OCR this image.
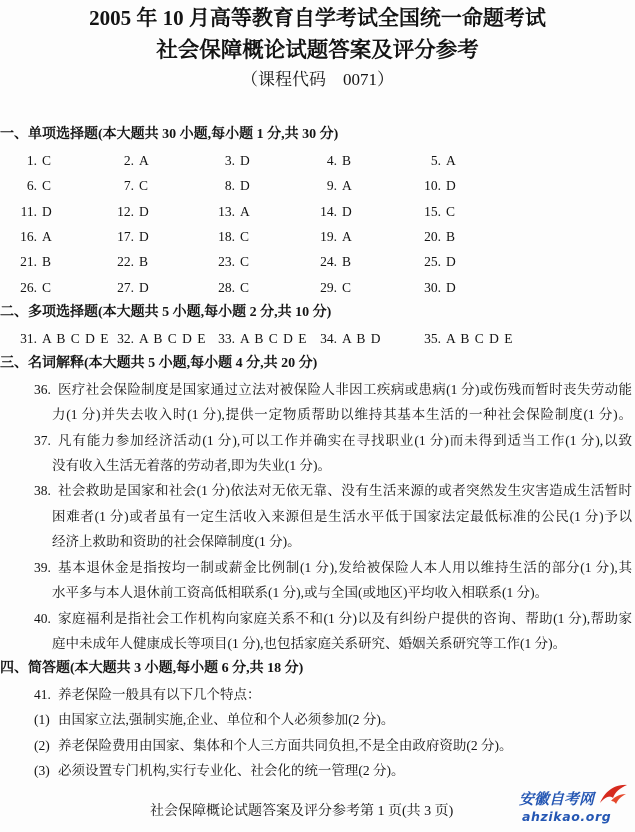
2005 年 10 月高等教育自学考试全国统一命题考试
社会保障概论试题答案及评分参考
（课程代码　0071）
一、单项选择题(本大题共 30 小题,每小题 1 分,共 30 分)
1. C	2. A	3. D	4. B	5. A
6. C	7. C	8. D	9. A	10. D
11. D	12. D	13. A	14. D	15. C
16. A	17. D	18. C	19. A	20. B
21. B	22. B	23. C	24. B	25. D
26. C	27. D	28. C	29. C	30. D
二、多项选择题(本大题共 5 小题,每小题 2 分,共 10 分)
31. A B C D E 32. A B C D E 33. A B C D E 34. A B D	35. A B C D E
三、名词解释(本大题共 5 小题,每小题 4 分,共 20 分)
36. 医疗社会保险制度是国家通过立法对被保险人非因工疾病或患病(1 分)或伤残而暂时丧失劳动能
力(1 分)并失去收入时(1 分),提供一定物质帮助以维持其基本生活的一种社会保险制度(1 分)。
37. 凡有能力参加经济活动(1 分),可以工作并确实在寻找职业(1 分)而未得到适当工作(1 分),以致
没有收入生活无着落的劳动者,即为失业(1 分)。
38. 社会救助是国家和社会(1 分)依法对无依无靠、没有生活来源的或者突然发生灾害造成生活暂时
困难者(1 分)或者虽有一定生活收入来源但是生活水平低于国家法定最低标准的公民(1 分)予以
经济上救助和资助的社会保障制度(1 分)。
39. 基本退休金是指按均一制或薪金比例制(1 分),发给被保险人本人用以维持生活的部分(1 分),其
水平多与本人退休前工资高低相联系(1 分),或与全国(或地区)平均收入相联系(1 分)。
40. 家庭福利是指社会工作机构向家庭关系不和(1 分)以及有纠纷户提供的咨询、帮助(1 分),帮助家
庭中未成年人健康成长等项目(1 分),也包括家庭关系研究、婚姻关系研究等工作(1 分)。
四、简答题(本大题共 3 小题,每小题 6 分,共 18 分)
41. 养老保险一般具有以下几个特点：
(1) 由国家立法,强制实施,企业、单位和个人必须参加(2 分)。
(2) 养老保险费用由国家、集体和个人三方面共同负担,不是全由政府资助(2 分)。
(3) 必须设置专门机构,实行专业化、社会化的统一管理(2 分)。
社会保障概论试题答案及评分参考第 1 页(共 3 页)
安徽自考网
ahzikao.org
